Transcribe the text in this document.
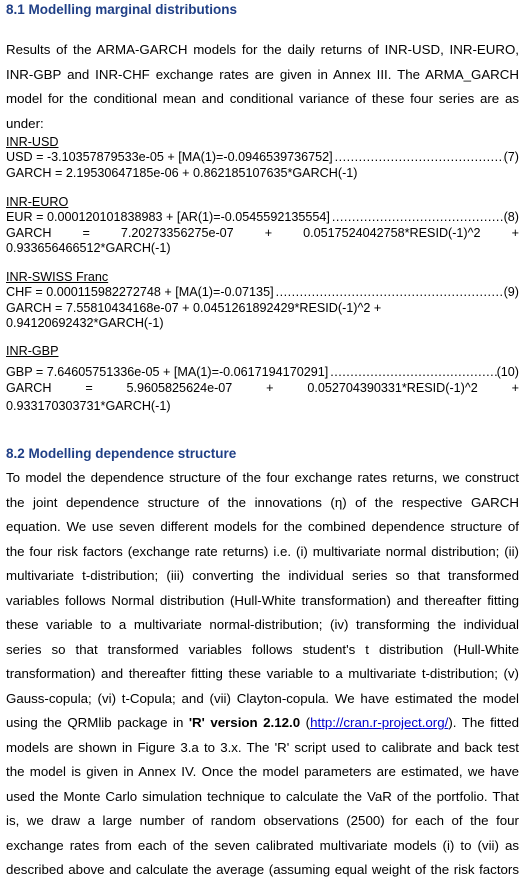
8.1 Modelling marginal distributions
Results of the ARMA-GARCH models for the daily returns of INR-USD, INR-EURO,
INR-GBP and INR-CHF exchange rates are given in Annex III. The ARMA_GARCH
model for the conditional mean and conditional variance of these four series are as
under:
INR-USD
USD = -3.10357879533e-05 + [MA(1)=-0.0946539736752] .....	(7)
GARCH = 2.19530647185e-06 + 0.862185107635*GARCH(-1)
INR-EURO
EUR = 0.000120101838983 + [AR(1)=-0.0545592135554] .....	(8)
GARCH = 7.20273356275e-07 + 0.0517524042758*RESID(-1)^2 +
0.933656466512*GARCH(-1)
INR-SWISS Franc
CHF = 0.000115982272748 + [MA(1)=-0.07135] .....	(9)
GARCH = 7.55810434168e-07 + 0.0451261892429*RESID(-1)^2 +
0.94120692432*GARCH(-1)
INR-GBP
GBP = 7.64605751336e-05 + [MA(1)=-0.0617194170291] .....	(10)
GARCH	=	5.9605825624e-07	+	0.052704390331*RESID(-1)^2	+
0.933170303731*GARCH(-1)
8.2 Modelling dependence structure
To model the dependence structure of the four exchange rates returns, we construct
the joint dependence structure of the innovations (η) of the respective GARCH
equation. We use seven different models for the combined dependence structure of
the four risk factors (exchange rate returns) i.e. (i) multivariate normal distribution; (ii)
multivariate t-distribution; (iii) converting the individual series so that transformed
variables follows Normal distribution (Hull-White transformation) and thereafter fitting
these variable to a multivariate normal-distribution; (iv) transforming the individual
series so that transformed variables follows student's t distribution (Hull-White
transformation) and thereafter fitting these variable to a multivariate t-distribution; (v)
Gauss-copula; (vi) t-Copula; and (vii) Clayton-copula. We have estimated the model
using the QRMlib package in 'R' version 2.12.0 (http://cran.r-project.org/). The fitted
models are shown in Figure 3.a to 3.x. The 'R' script used to calibrate and back test
the model is given in Annex IV. Once the model parameters are estimated, we have
used the Monte Carlo simulation technique to calculate the VaR of the portfolio. That
is, we draw a large number of random observations (2500) for each of the four
exchange rates from each of the seven calibrated multivariate models (i) to (vii) as
described above and calculate the average (assuming equal weight of the risk factors
